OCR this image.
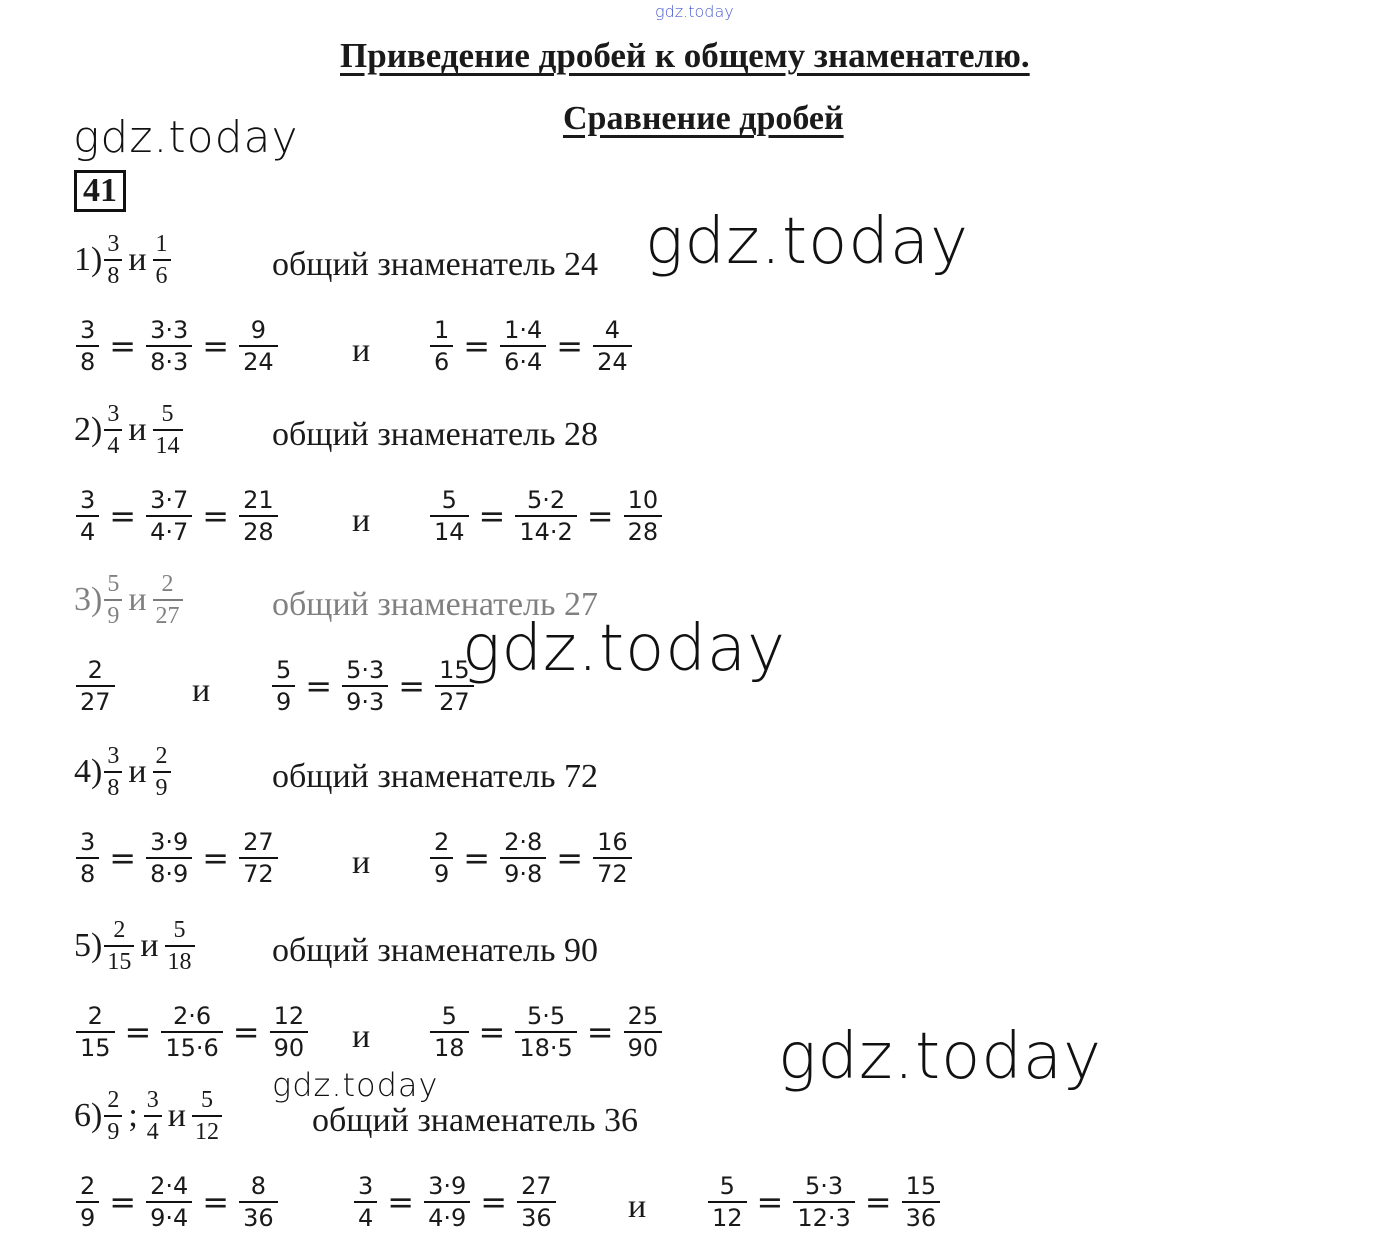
gdz.today
gdz.today
gdz.today
gdz.today
gdz.today
gdz.today
Приведение дробей к общему знаменателю.
Сравнение дробей
41
$1) \frac{3}{8}$ и $\frac{1}{6}$	общий знаменатель 24
$\frac{3}{8} = \frac{3\cdot 3}{8\cdot 3} = \frac{9}{24}$	$\frac{1}{6} = \frac{1\cdot 4}{6\cdot 4} = \frac{4}{24}$
и
$2) \frac{3}{4}$ и $\frac{5}{14}$	общий знаменатель 28
$\frac{3}{4} = \frac{3\cdot 7}{4\cdot 7} = \frac{21}{28}$	$\frac{5}{14} = \frac{5\cdot 2}{14\cdot 2} = \frac{10}{28}$
и
$3) \frac{5}{9}$ и $\frac{2}{27}$	общий знаменатель 27
$\frac{2}{27}$	$\frac{5}{9} = \frac{5\cdot 3}{9\cdot 3} = \frac{15}{27}$
и
$4) \frac{3}{8}$ и $\frac{2}{9}$	общий знаменатель 72
$\frac{3}{8} = \frac{3\cdot 9}{8\cdot 9} = \frac{27}{72}$	$\frac{2}{9} = \frac{2\cdot 8}{9\cdot 8} = \frac{16}{72}$
и
$5) \frac{2}{15}$ и $\frac{5}{18}$ общий знаменатель 90
$\frac{2}{15} = \frac{2\cdot 6}{15\cdot 6} = \frac{12}{90}$	$\frac{5}{18} = \frac{5\cdot 5}{18\cdot 5} = \frac{25}{90}$
и
$6) \frac{2}{9}$ ; $\frac{3}{4}$ и $\frac{5}{12}$	общий знаменатель 36
$\frac{2}{9} = \frac{2\cdot 4}{9\cdot 4} = \frac{8}{36}$	$\frac{3}{4} = \frac{3\cdot 9}{4\cdot 9} = \frac{27}{36}$	$\frac{5}{12} = \frac{5\cdot 3}{12\cdot 3} = \frac{15}{36}$
и
